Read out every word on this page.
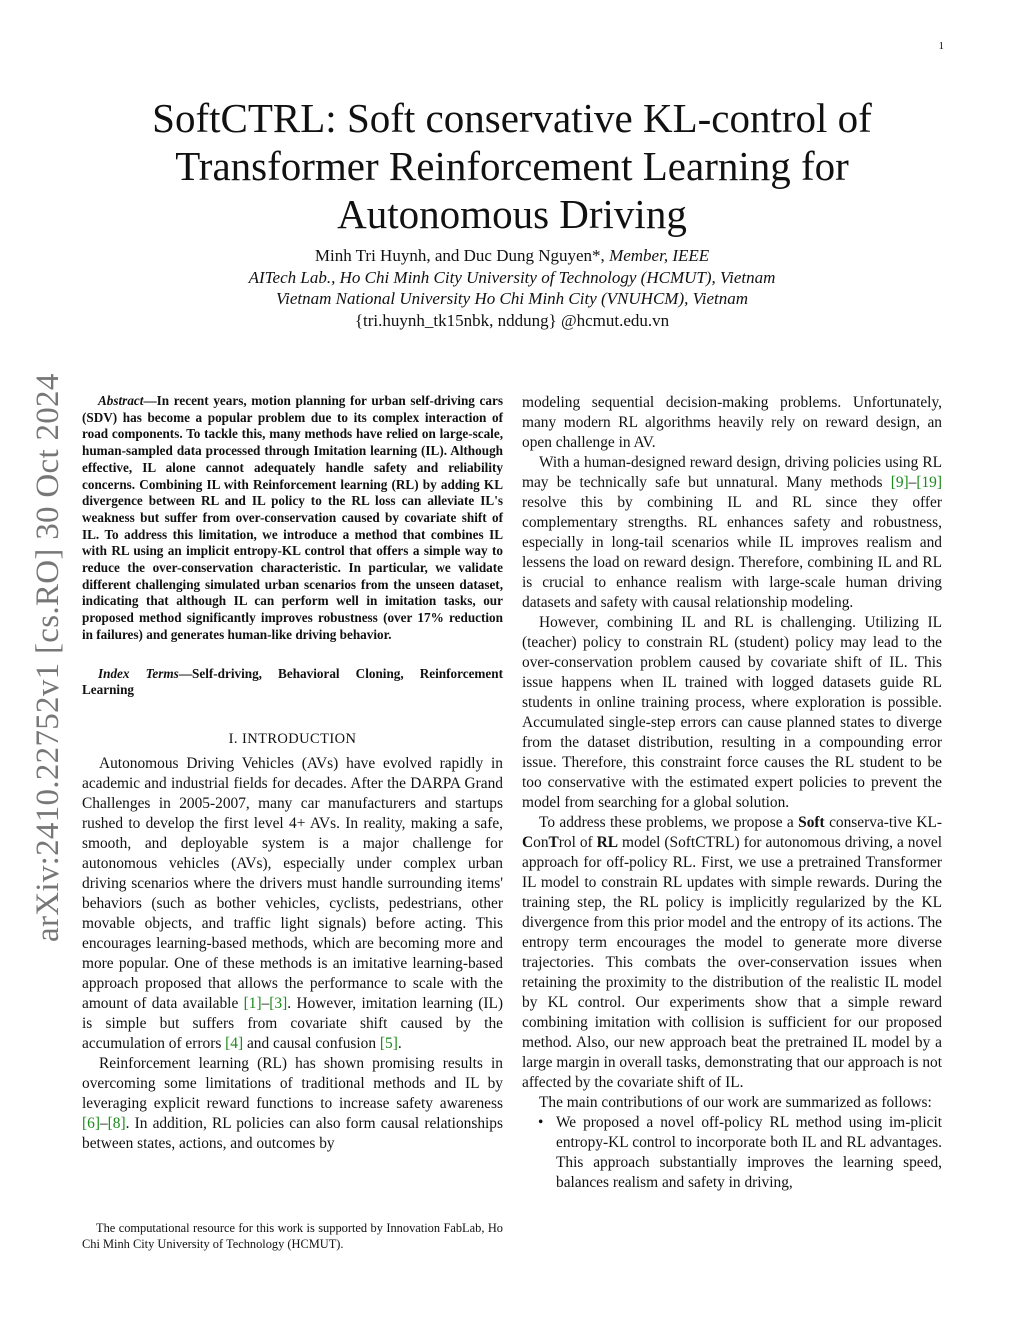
1
arXiv:2410.22752v1 [cs.RO] 30 Oct 2024
SoftCTRL: Soft conservative KL-control of
Transformer Reinforcement Learning for
Autonomous Driving
Minh Tri Huynh, and Duc Dung Nguyen*, Member, IEEE
AITech Lab., Ho Chi Minh City University of Technology (HCMUT), Vietnam
Vietnam National University Ho Chi Minh City (VNUHCM), Vietnam
{tri.huynh_tk15nbk, nddung} @hcmut.edu.vn

Abstract—In recent years, motion planning for urban self-driving cars (SDV) has become a popular problem due to its complex interaction of road components. To tackle this, many methods have relied on large-scale, human-sampled data processed through Imitation learning (IL). Although effective, IL alone cannot adequately handle safety and reliability concerns. Combining IL with Reinforcement learning (RL) by adding KL divergence between RL and IL policy to the RL loss can alleviate IL's weakness but suffer from over-conservation caused by covariate shift of IL. To address this limitation, we introduce a method that combines IL with RL using an implicit entropy-KL control that offers a simple way to reduce the over-conservation characteristic. In particular, we validate different challenging simulated urban scenarios from the unseen dataset, indicating that although IL can perform well in imitation tasks, our proposed method significantly improves robustness (over 17% reduction in failures) and generates human-like driving behavior.

Index Terms—Self-driving, Behavioral Cloning, Reinforcement Learning

I. INTRODUCTION

Autonomous Driving Vehicles (AVs) have evolved rapidly in academic and industrial fields for decades. After the DARPA Grand Challenges in 2005-2007, many car manufacturers and startups rushed to develop the first level 4+ AVs. In reality, making a safe, smooth, and deployable system is a major challenge for autonomous vehicles (AVs), especially under complex urban driving scenarios where the drivers must handle surrounding items' behaviors (such as bother vehicles, cyclists, pedestrians, other movable objects, and traffic light signals) before acting. This encourages learning-based methods, which are becoming more and more popular. One of these methods is an imitative learning-based approach proposed that allows the performance to scale with the amount of data available [1]–[3]. However, imitation learning (IL) is simple but suffers from covariate shift caused by the accumulation of errors [4] and causal confusion [5].

Reinforcement learning (RL) has shown promising results in overcoming some limitations of traditional methods and IL by leveraging explicit reward functions to increase safety awareness [6]–[8]. In addition, RL policies can also form causal relationships between states, actions, and outcomes by

The computational resource for this work is supported by Innovation FabLab, Ho Chi Minh City University of Technology (HCMUT).

modeling sequential decision-making problems. Unfortunately, many modern RL algorithms heavily rely on reward design, an open challenge in AV.

With a human-designed reward design, driving policies using RL may be technically safe but unnatural. Many methods [9]–[19] resolve this by combining IL and RL since they offer complementary strengths. RL enhances safety and robustness, especially in long-tail scenarios while IL improves realism and lessens the load on reward design. Therefore, combining IL and RL is crucial to enhance realism with large-scale human driving datasets and safety with causal relationship modeling.

However, combining IL and RL is challenging. Utilizing IL (teacher) policy to constrain RL (student) policy may lead to the over-conservation problem caused by covariate shift of IL. This issue happens when IL trained with logged datasets guide RL students in online training process, where exploration is possible. Accumulated single-step errors can cause planned states to diverge from the dataset distribution, resulting in a compounding error issue. Therefore, this constraint force causes the RL student to be too conservative with the estimated expert policies to prevent the model from searching for a global solution.

To address these problems, we propose a Soft conserva-tive KL-ConTrol of RL model (SoftCTRL) for autonomous driving, a novel approach for off-policy RL. First, we use a pretrained Transformer IL model to constrain RL updates with simple rewards. During the training step, the RL policy is implicitly regularized by the KL divergence from this prior model and the entropy of its actions. The entropy term encourages the model to generate more diverse trajectories. This combats the over-conservation issues when retaining the proximity to the distribution of the realistic IL model by KL control. Our experiments show that a simple reward combining imitation with collision is sufficient for our proposed method. Also, our new approach beat the pretrained IL model by a large margin in overall tasks, demonstrating that our approach is not affected by the covariate shift of IL.

The main contributions of our work are summarized as follows:

• We proposed a novel off-policy RL method using im-plicit entropy-KL control to incorporate both IL and RL advantages. This approach substantially improves the learning speed, balances realism and safety in driving,
